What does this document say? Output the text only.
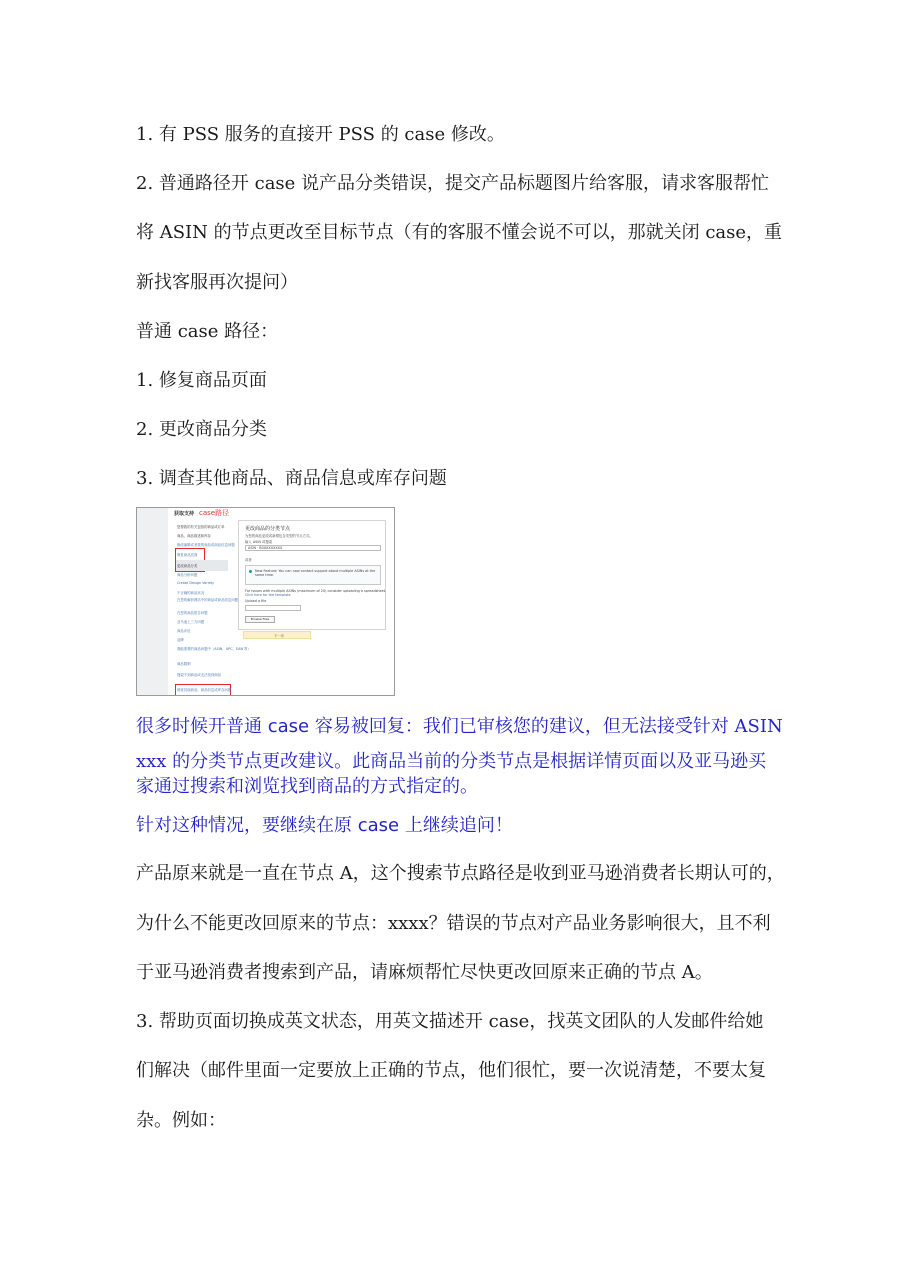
1. 有 PSS 服务的直接开 PSS 的 case 修改。
2. 普通路径开 case 说产品分类错误，提交产品标题图片给客服，请求客服帮忙
将 ASIN 的节点更改至目标节点（有的客服不懂会说不可以，那就关闭 case，重
新找客服再次提问）
普通 case 路径：
1. 修复商品页面
2. 更改商品分类
3. 调查其他商品、商品信息或库存问题
获取支持 case路径
您帮我的有关包括的商品或订单
商品、商品描述和库存
修改编辑或者我的商品或商品信息问题
修复商品页面
更改商品分类
商品分析问题
Create Design Variety
不正确的商品状况
在您的解析网站中的商品或商品信息问题
在您的商品报告问题
亚马逊上三方问题
商品评论
品牌
我能需要的商品问题中（ASIN、UPC、EAN 等）
商品限制
搜索不到商品或无法找到商品
调查其他商品、商品信息或库存问题
更改商品的分类节点
为您的商品更改或新增包含类型的节点方式。
输入 ASIN 或搜索
ASIN · B0XXXXXXXX
或者
New Feature: You can now contact support about multiple ASINs at the same time.
For issues with multiple ASINs (maximum of 20) consider uploading a spreadsheet.
Click here for the template
Upload a file
Browse Files
下一步
很多时候开普通 case 容易被回复：我们已审核您的建议，但无法接受针对 ASIN
xxx 的分类节点更改建议。此商品当前的分类节点是根据详情页面以及亚马逊买
家通过搜索和浏览找到商品的方式指定的。
针对这种情况，要继续在原 case 上继续追问！
产品原来就是一直在节点 A，这个搜索节点路径是收到亚马逊消费者长期认可的，
为什么不能更改回原来的节点：xxxx？错误的节点对产品业务影响很大，且不利
于亚马逊消费者搜索到产品，请麻烦帮忙尽快更改回原来正确的节点 A。
3. 帮助页面切换成英文状态，用英文描述开 case，找英文团队的人发邮件给她
们解决（邮件里面一定要放上正确的节点，他们很忙，要一次说清楚，不要太复
杂。例如：
